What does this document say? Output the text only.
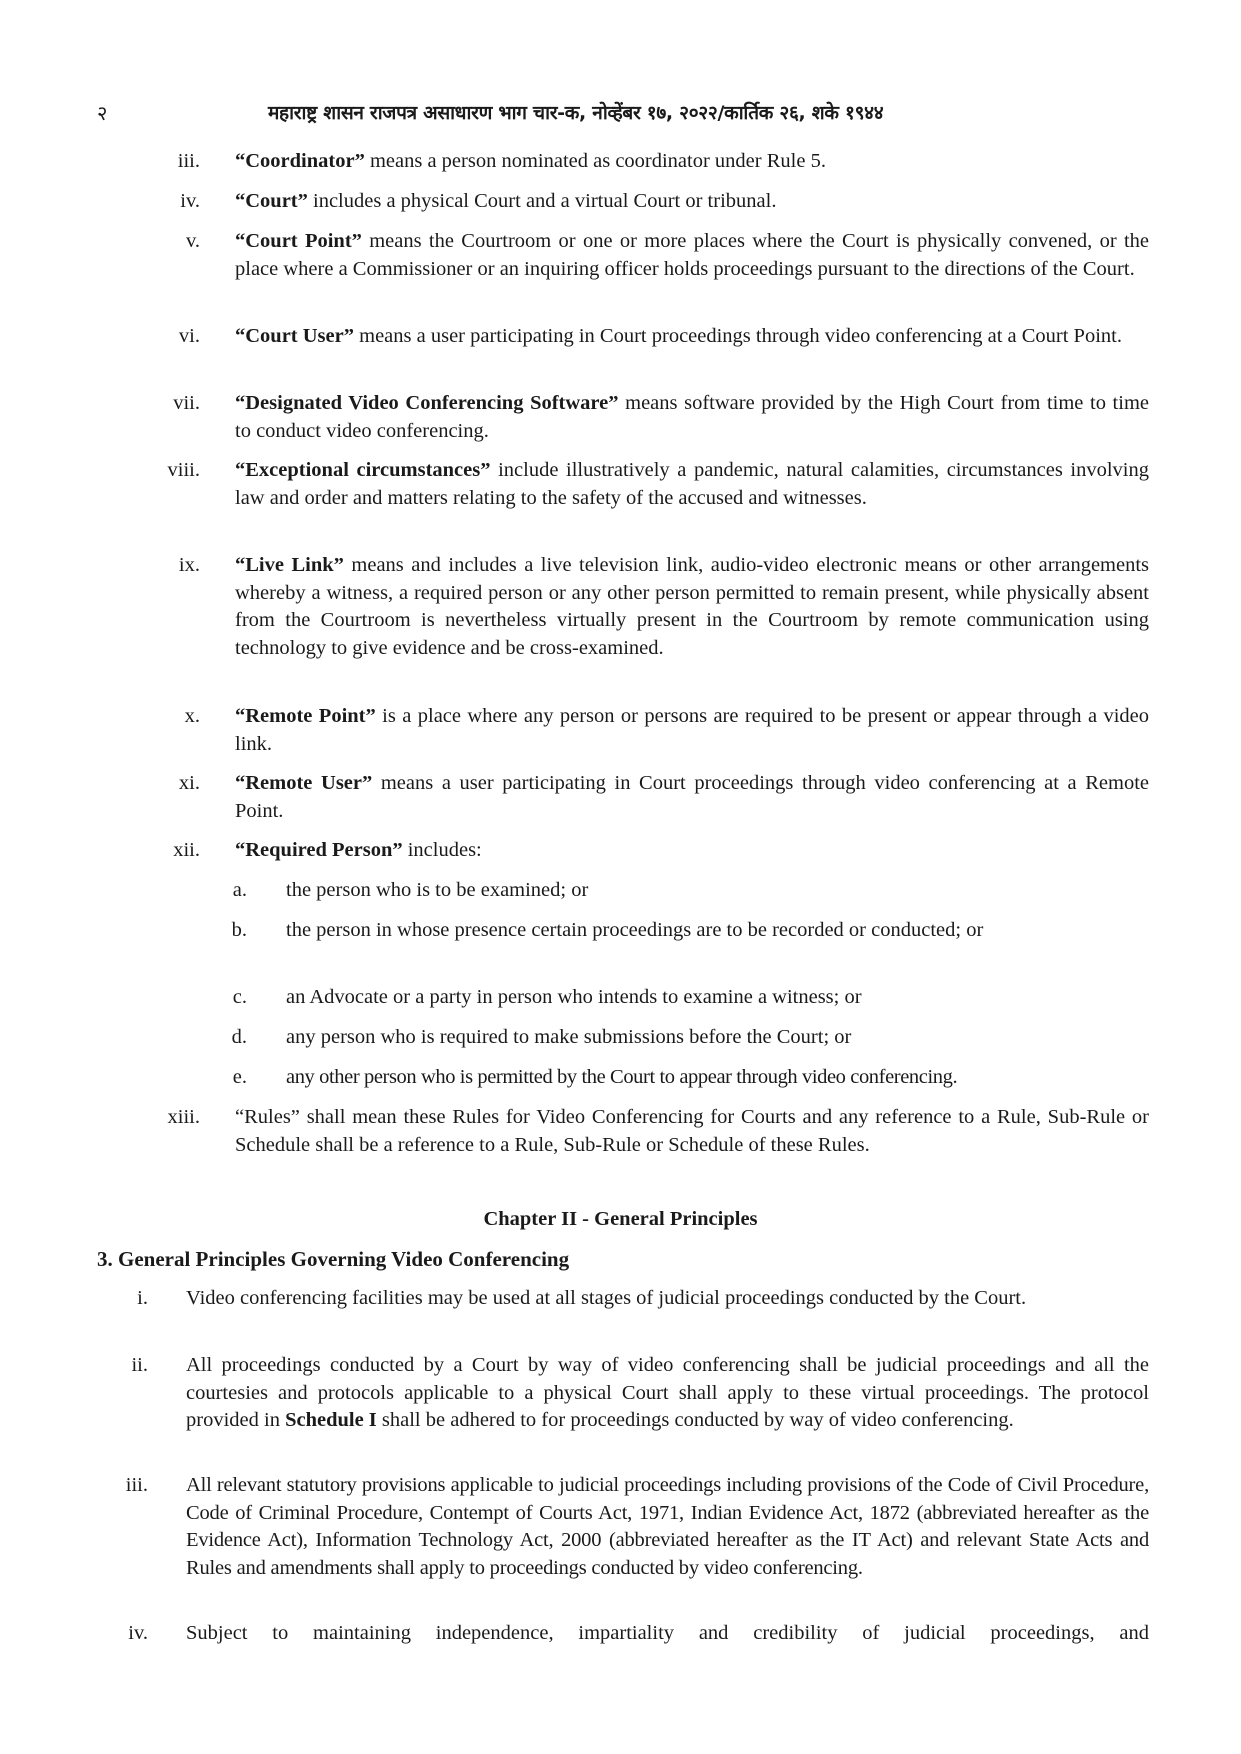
२	महाराष्ट्र शासन राजपत्र असाधारण भाग चार-क, नोव्हेंबर १७, २०२२/कार्तिक २६, शके १९४४
iii. “Coordinator” means a person nominated as coordinator under Rule 5.
iv. “Court” includes a physical Court and a virtual Court or tribunal.
v. “Court Point” means the Courtroom or one or more places where the Court is physically convened, or the place where a Commissioner or an inquiring officer holds proceedings pursuant to the directions of the Court.
vi. “Court User” means a user participating in Court proceedings through video conferencing at a Court Point.
vii. “Designated Video Conferencing Software” means software provided by the High Court from time to time to conduct video conferencing.
viii. “Exceptional circumstances” include illustratively a pandemic, natural calamities, circumstances involving law and order and matters relating to the safety of the accused and witnesses.
ix. “Live Link” means and includes a live television link, audio-video electronic means or other arrangements whereby a witness, a required person or any other person permitted to remain present, while physically absent from the Courtroom is nevertheless virtually present in the Courtroom by remote communication using technology to give evidence and be cross-examined.
x. “Remote Point” is a place where any person or persons are required to be present or appear through a video link.
xi. “Remote User” means a user participating in Court proceedings through video conferencing at a Remote Point.
xii. “Required Person” includes:
a. the person who is to be examined; or
b. the person in whose presence certain proceedings are to be recorded or conducted; or
c. an Advocate or a party in person who intends to examine a witness; or
d. any person who is required to make submissions before the Court; or
e. any other person who is permitted by the Court to appear through video conferencing.
xiii. “Rules” shall mean these Rules for Video Conferencing for Courts and any reference to a Rule, Sub-Rule or Schedule shall be a reference to a Rule, Sub-Rule or Schedule of these Rules.
Chapter II - General Principles
3. General Principles Governing Video Conferencing
i. Video conferencing facilities may be used at all stages of judicial proceedings conducted by the Court.
ii. All proceedings conducted by a Court by way of video conferencing shall be judicial proceedings and all the courtesies and protocols applicable to a physical Court shall apply to these virtual proceedings. The protocol provided in Schedule I shall be adhered to for proceedings conducted by way of video conferencing.
iii. All relevant statutory provisions applicable to judicial proceedings including provisions of the Code of Civil Procedure, Code of Criminal Procedure, Contempt of Courts Act, 1971, Indian Evidence Act, 1872 (abbreviated hereafter as the Evidence Act), Information Technology Act, 2000 (abbreviated hereafter as the IT Act) and relevant State Acts and Rules and amendments shall apply to proceedings conducted by video conferencing.
iv. Subject to maintaining independence, impartiality and credibility of judicial proceedings, and
